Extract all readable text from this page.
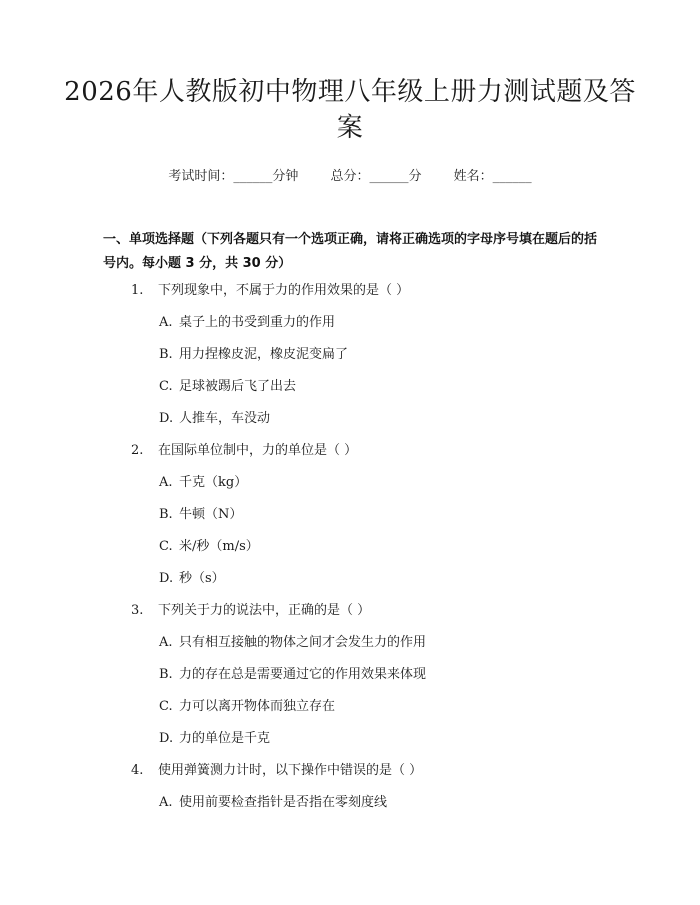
2026年人教版初中物理八年级上册力测试题及答案
考试时间：______分钟 总分：______分 姓名：______
一、单项选择题（下列各题只有一个选项正确，请将正确选项的字母序号填在题后的括号内。每小题 3 分，共 30 分）
1. 下列现象中，不属于力的作用效果的是（ ）
A. 桌子上的书受到重力的作用
B. 用力捏橡皮泥，橡皮泥变扁了
C. 足球被踢后飞了出去
D. 人推车，车没动
2. 在国际单位制中，力的单位是（ ）
A. 千克（kg）
B. 牛顿（N）
C. 米/秒（m/s）
D. 秒（s）
3. 下列关于力的说法中，正确的是（ ）
A. 只有相互接触的物体之间才会发生力的作用
B. 力的存在总是需要通过它的作用效果来体现
C. 力可以离开物体而独立存在
D. 力的单位是千克
4. 使用弹簧测力计时，以下操作中错误的是（ ）
A. 使用前要检查指针是否指在零刻度线
